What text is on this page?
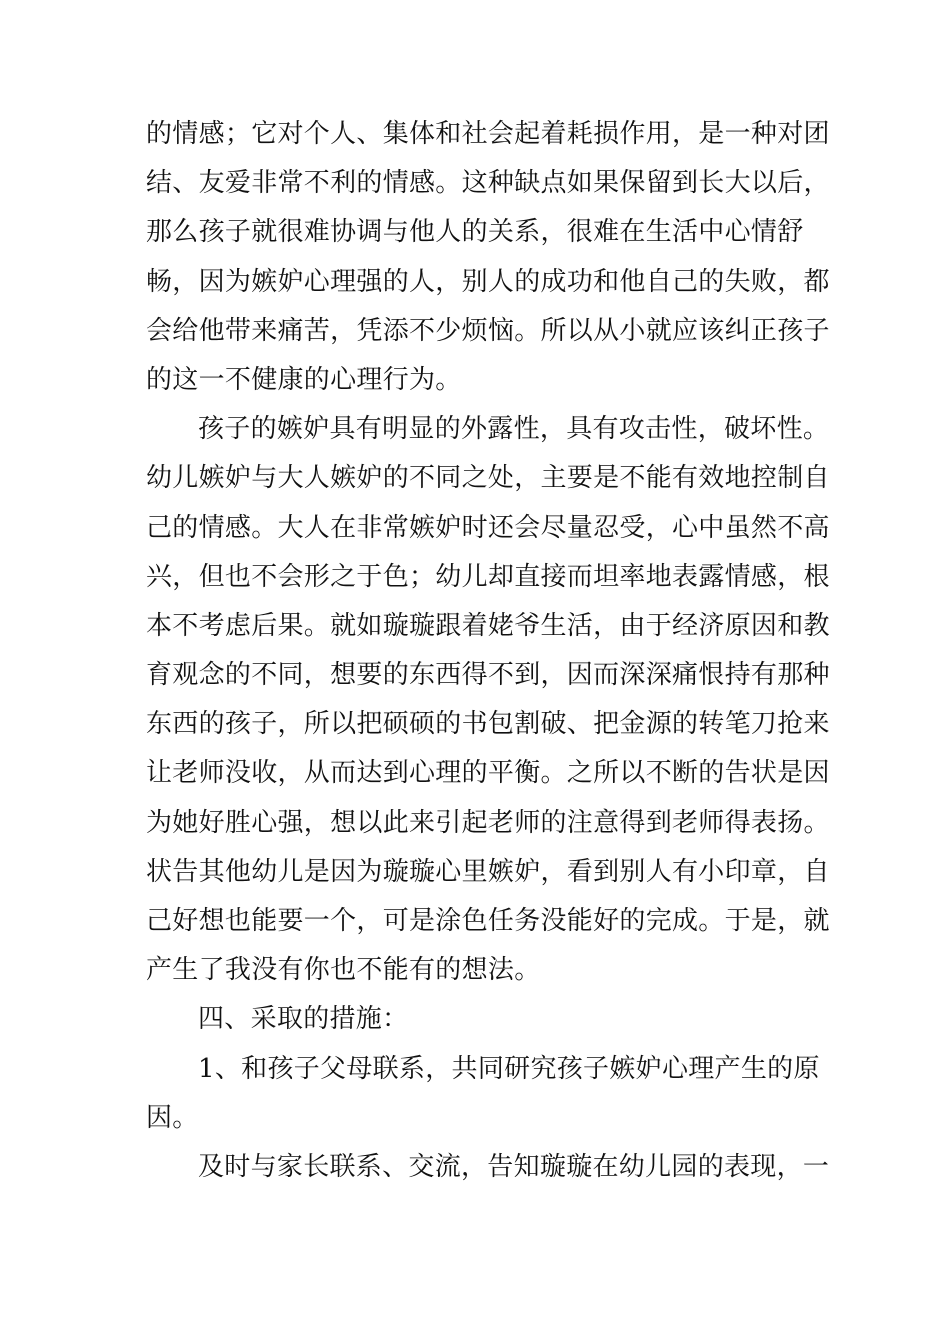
的情感；它对个人、集体和社会起着耗损作用，是一种对团
结、友爱非常不利的情感。这种缺点如果保留到长大以后，
那么孩子就很难协调与他人的关系，很难在生活中心情舒
畅，因为嫉妒心理强的人，别人的成功和他自己的失败，都
会给他带来痛苦，凭添不少烦恼。所以从小就应该纠正孩子
的这一不健康的心理行为。
孩子的嫉妒具有明显的外露性，具有攻击性，破坏性。
幼儿嫉妒与大人嫉妒的不同之处，主要是不能有效地控制自
己的情感。大人在非常嫉妒时还会尽量忍受，心中虽然不高
兴，但也不会形之于色；幼儿却直接而坦率地表露情感，根
本不考虑后果。就如璇璇跟着姥爷生活，由于经济原因和教
育观念的不同，想要的东西得不到，因而深深痛恨持有那种
东西的孩子，所以把硕硕的书包割破、把金源的转笔刀抢来
让老师没收，从而达到心理的平衡。之所以不断的告状是因
为她好胜心强，想以此来引起老师的注意得到老师得表扬。
状告其他幼儿是因为璇璇心里嫉妒，看到别人有小印章，自
己好想也能要一个，可是涂色任务没能好的完成。于是，就
产生了我没有你也不能有的想法。
四、采取的措施：
1、和孩子父母联系，共同研究孩子嫉妒心理产生的原
因。
及时与家长联系、交流，告知璇璇在幼儿园的表现，一
